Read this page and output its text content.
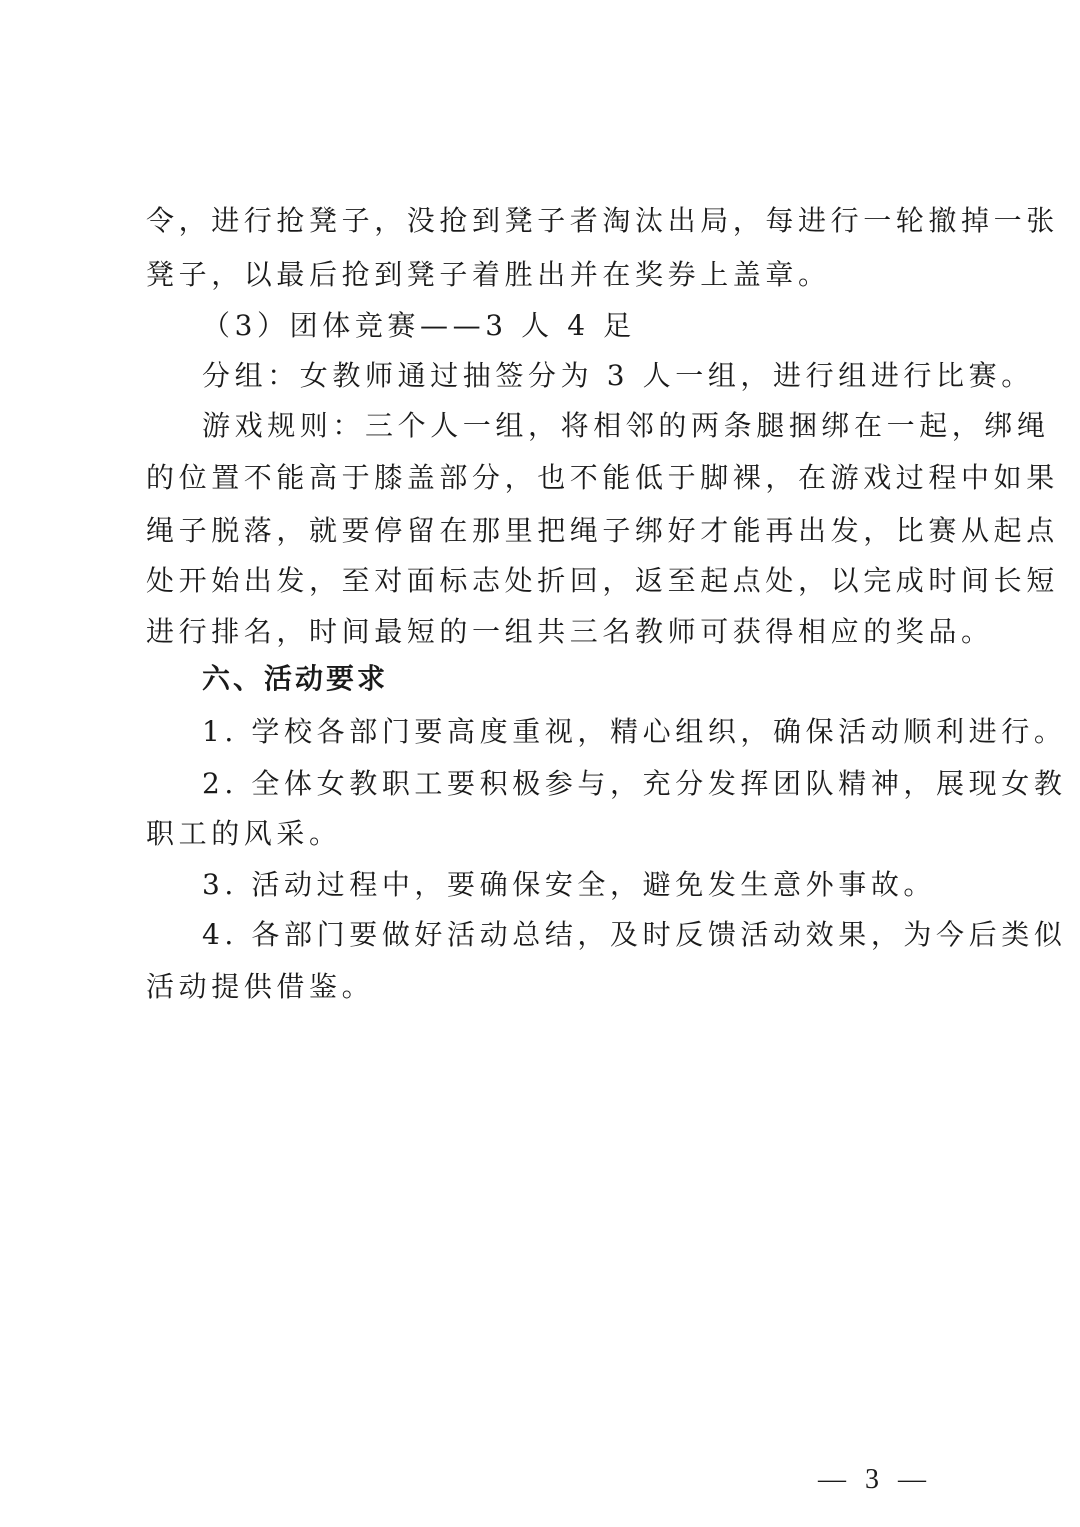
令，进行抢凳子，没抢到凳子者淘汰出局，每进行一轮撤掉一张
凳子，以最后抢到凳子着胜出并在奖券上盖章。
（3）团体竞赛——3 人 4 足
分组：女教师通过抽签分为 3 人一组，进行组进行比赛。
游戏规则：三个人一组，将相邻的两条腿捆绑在一起，绑绳
的位置不能高于膝盖部分，也不能低于脚裸，在游戏过程中如果
绳子脱落，就要停留在那里把绳子绑好才能再出发，比赛从起点
处开始出发，至对面标志处折回，返至起点处，以完成时间长短
进行排名，时间最短的一组共三名教师可获得相应的奖品。
六、活动要求
1. 学校各部门要高度重视，精心组织，确保活动顺利进行。
2. 全体女教职工要积极参与，充分发挥团队精神，展现女教
职工的风采。
3. 活动过程中，要确保安全，避免发生意外事故。
4. 各部门要做好活动总结，及时反馈活动效果，为今后类似
活动提供借鉴。
— 3 —
